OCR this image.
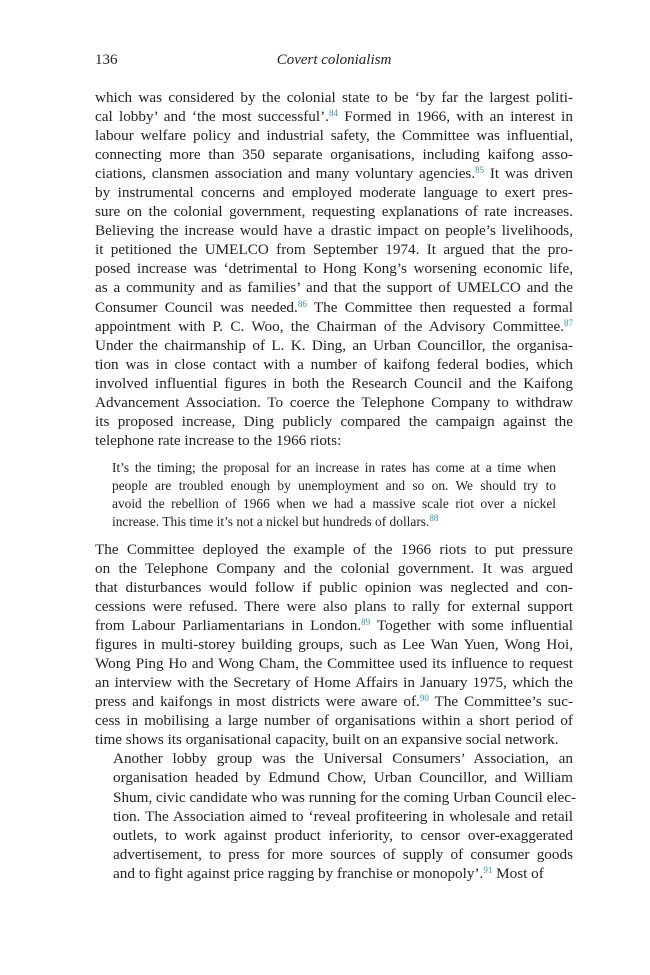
136	Covert colonialism

which was considered by the colonial state to be ‘by far the largest politi-
cal lobby’ and ‘the most successful’.$^{84}$ Formed in 1966, with an interest in
labour welfare policy and industrial safety, the Committee was influential,
connecting more than 350 separate organisations, including kaifong asso-
ciations, clansmen association and many voluntary agencies.$^{85}$ It was driven
by instrumental concerns and employed moderate language to exert pres-
sure on the colonial government, requesting explanations of rate increases.
Believing the increase would have a drastic impact on people’s livelihoods,
it petitioned the UMELCO from September 1974. It argued that the pro-
posed increase was ‘detrimental to Hong Kong’s worsening economic life,
as a community and as families’ and that the support of UMELCO and the
Consumer Council was needed.$^{86}$ The Committee then requested a formal
appointment with P. C. Woo, the Chairman of the Advisory Committee.$^{87}$
Under the chairmanship of L. K. Ding, an Urban Councillor, the organisa-
tion was in close contact with a number of kaifong federal bodies, which
involved influential figures in both the Research Council and the Kaifong
Advancement Association. To coerce the Telephone Company to withdraw
its proposed increase, Ding publicly compared the campaign against the
telephone rate increase to the 1966 riots:

It’s the timing; the proposal for an increase in rates has come at a time when
people are troubled enough by unemployment and so on. We should try to
avoid the rebellion of 1966 when we had a massive scale riot over a nickel
increase. This time it’s not a nickel but hundreds of dollars.$^{88}$

The Committee deployed the example of the 1966 riots to put pressure
on the Telephone Company and the colonial government. It was argued
that disturbances would follow if public opinion was neglected and con-
cessions were refused. There were also plans to rally for external support
from Labour Parliamentarians in London.$^{89}$ Together with some influential
figures in multi-storey building groups, such as Lee Wan Yuen, Wong Hoi,
Wong Ping Ho and Wong Cham, the Committee used its influence to request
an interview with the Secretary of Home Affairs in January 1975, which the
press and kaifongs in most districts were aware of.$^{90}$ The Committee’s suc-
cess in mobilising a large number of organisations within a short period of
time shows its organisational capacity, built on an expansive social network.

Another lobby group was the Universal Consumers’ Association, an
organisation headed by Edmund Chow, Urban Councillor, and William
Shum, civic candidate who was running for the coming Urban Council elec-
tion. The Association aimed to ‘reveal profiteering in wholesale and retail
outlets, to work against product inferiority, to censor over-exaggerated
advertisement, to press for more sources of supply of consumer goods
and to fight against price ragging by franchise or monopoly’.$^{91}$ Most of
